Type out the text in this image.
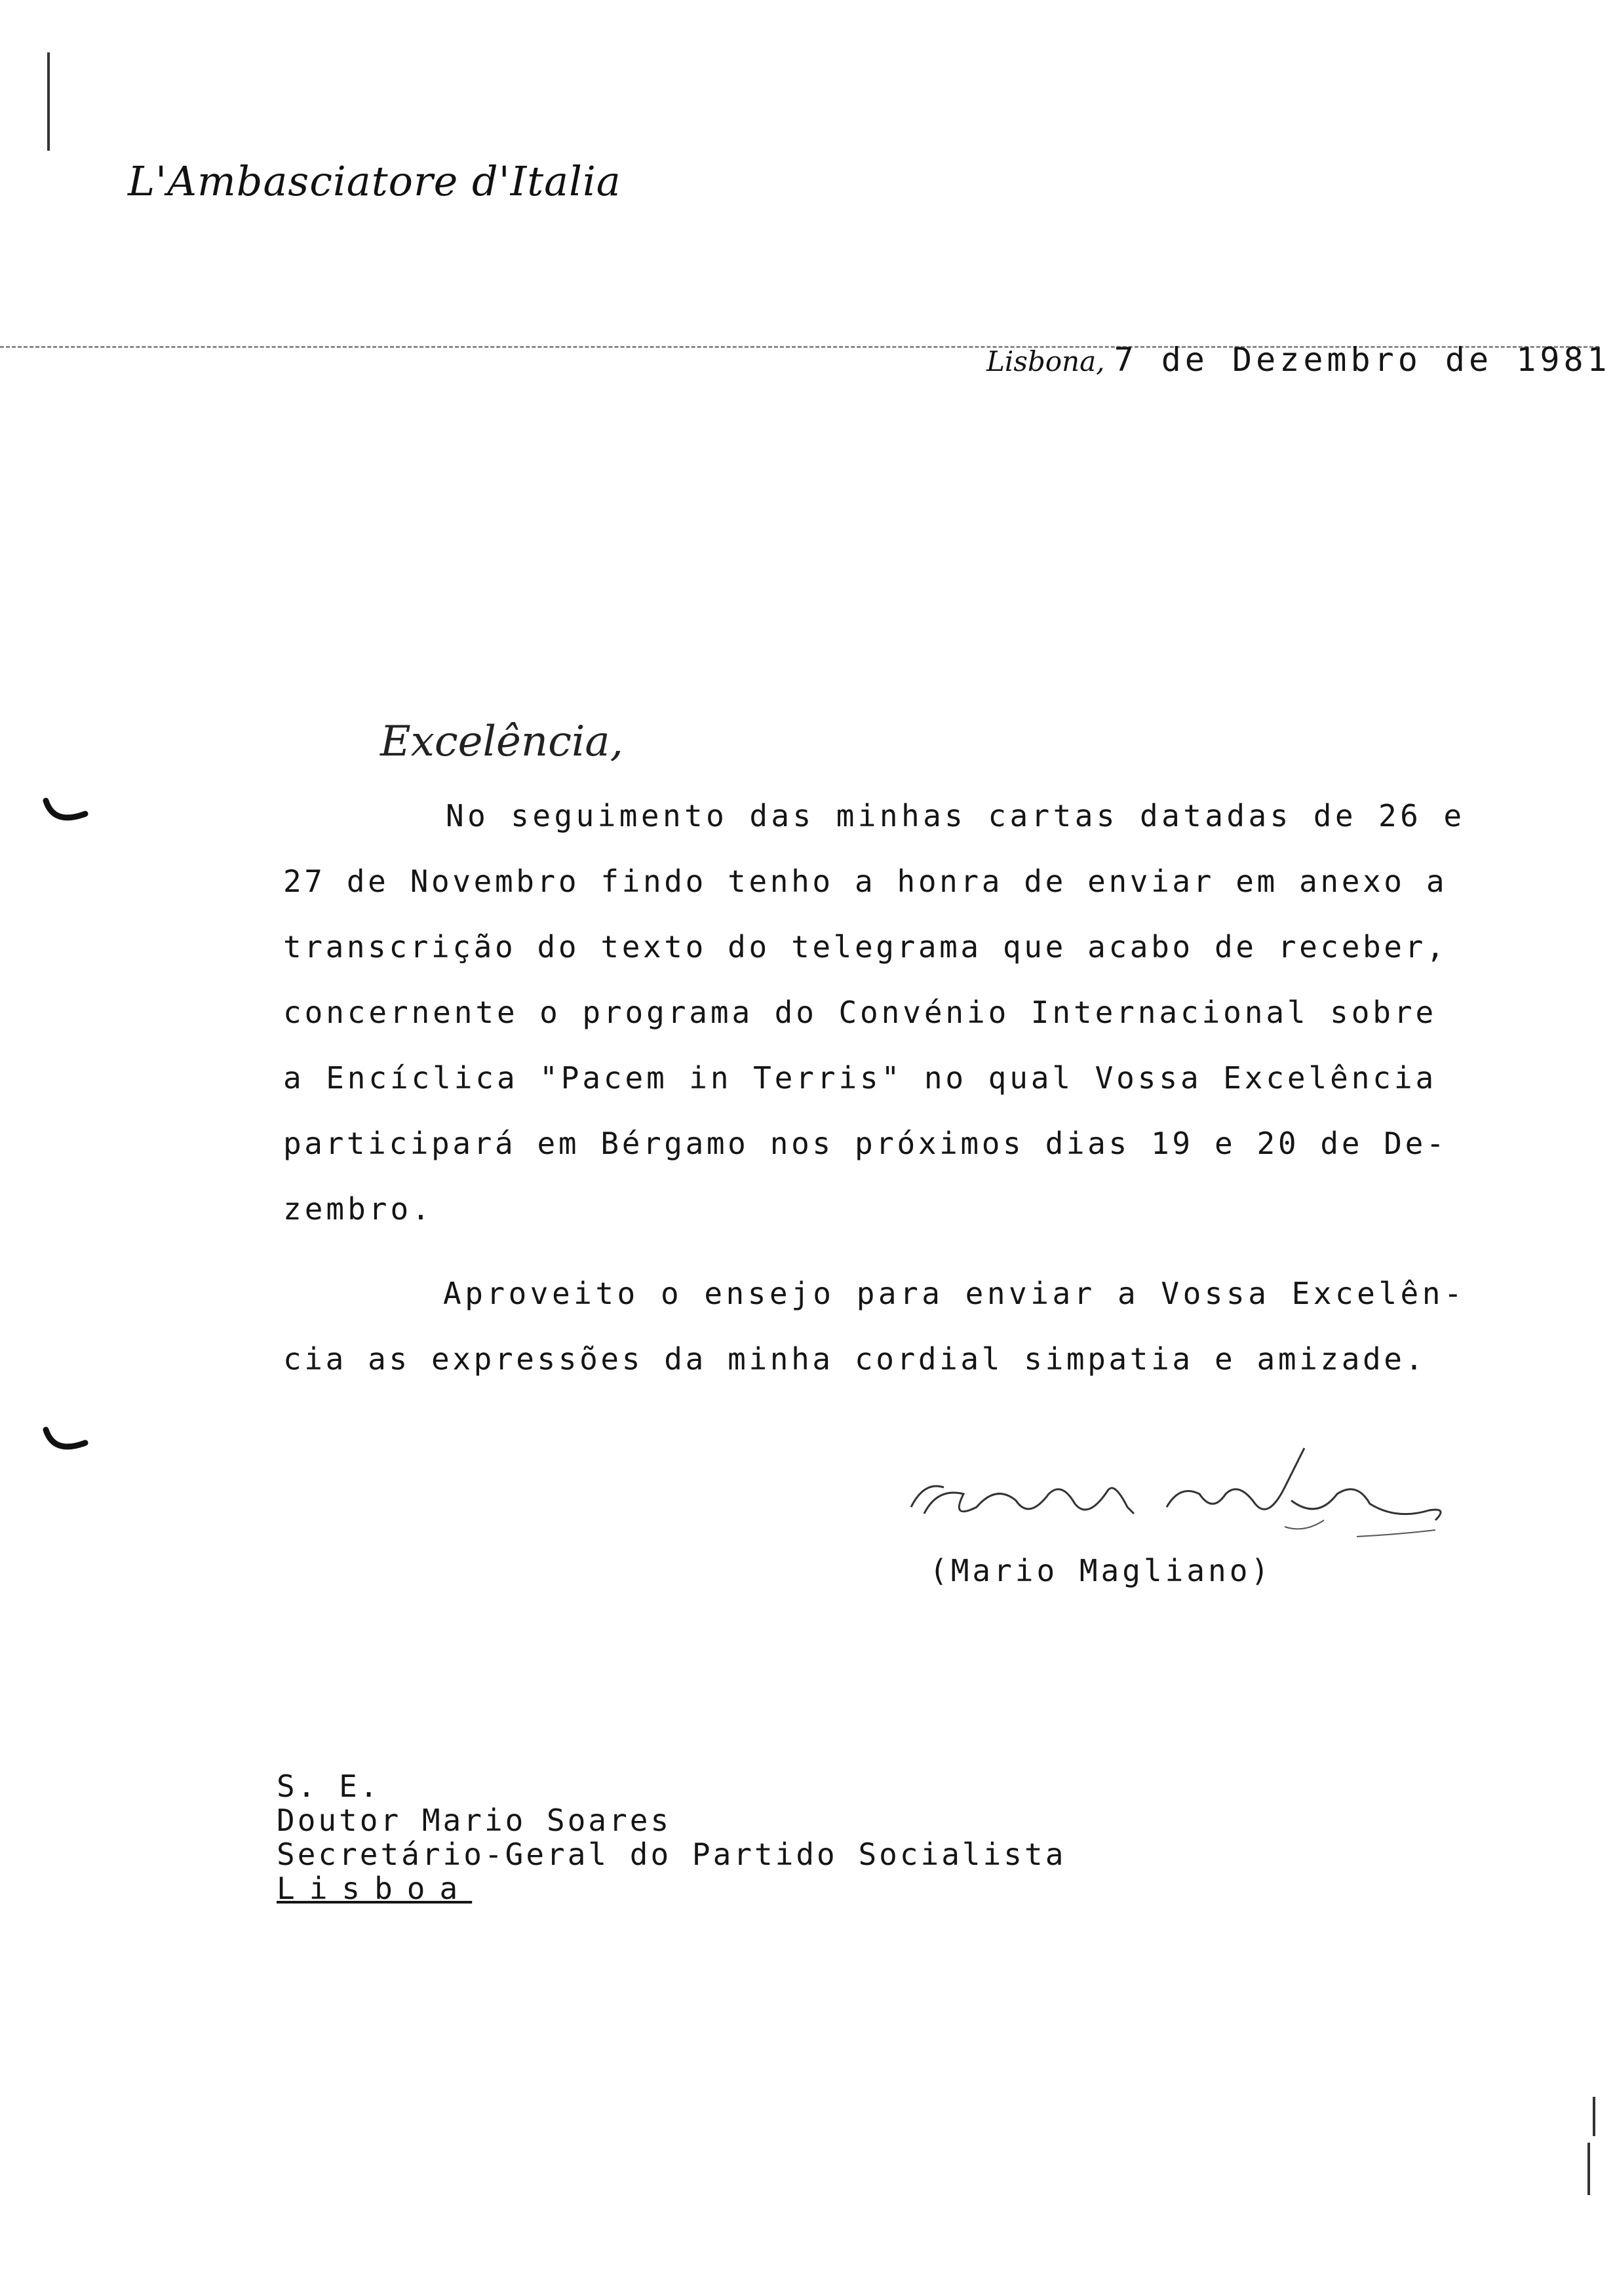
L'Ambasciatore d'Italia
Lisbona, 7 de Dezembro de 1981
Excelência,
No seguimento das minhas cartas datadas de 26 e
27 de Novembro findo tenho a honra de enviar em anexo a
transcrição do texto do telegrama que acabo de receber,
concernente o programa do Convénio Internacional sobre
a Encíclica "Pacem in Terris" no qual Vossa Excelência
participará em Bérgamo nos próximos dias 19 e 20 de De-
zembro.
Aproveito o ensejo para enviar a Vossa Excelên-
cia as expressões da minha cordial simpatia e amizade.
(Mario Magliano)
S. E.
Doutor Mario Soares
Secretário-Geral do Partido Socialista
Lisboa
